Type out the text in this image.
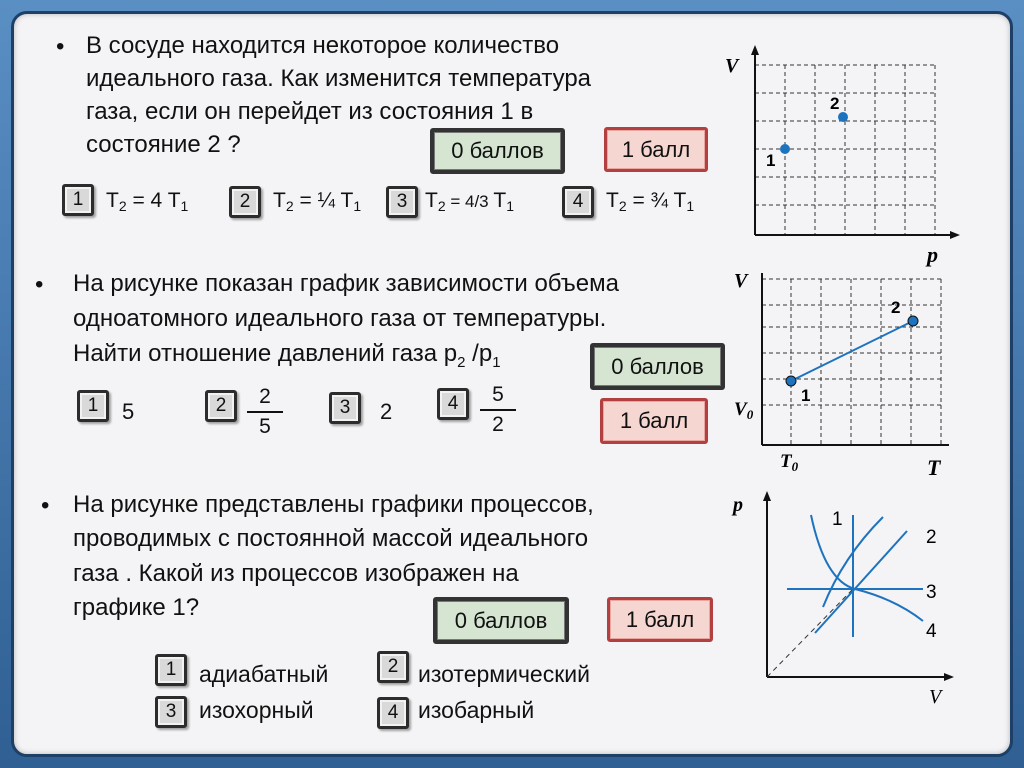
• В сосуде находится некоторое количество
идеального газа. Как изменится температура
газа, если он перейдет из состояния 1 в
состояние 2 ?	0 баллов	1 балл
1	$T_2 = 4$ $T_1$	2	$T_2$ = ¼ $T_1$	3 $T_2 = 4/3$ $T_1$	4	$T_2$ = ¾ $T_1$
V
p
1
2
• На рисунке показан график зависимости объема
одноатомного идеального газа от температуры.
Найти отношение давлений газа $p_2$ $/p_1$	0 баллов
1 балл
1	5	2	2
5
3	2	4	5
2
V
T
$V_0$
$T_0$
1
2
• На рисунке представлены графики процессов,
проводимых с постоянной массой идеального
газа . Какой из процессов изображен на
графике 1?	0 баллов	1 балл
1 адиабатный	2 изотермический
3 изохорный	4 изобарный
p
V
1
2
3
4
